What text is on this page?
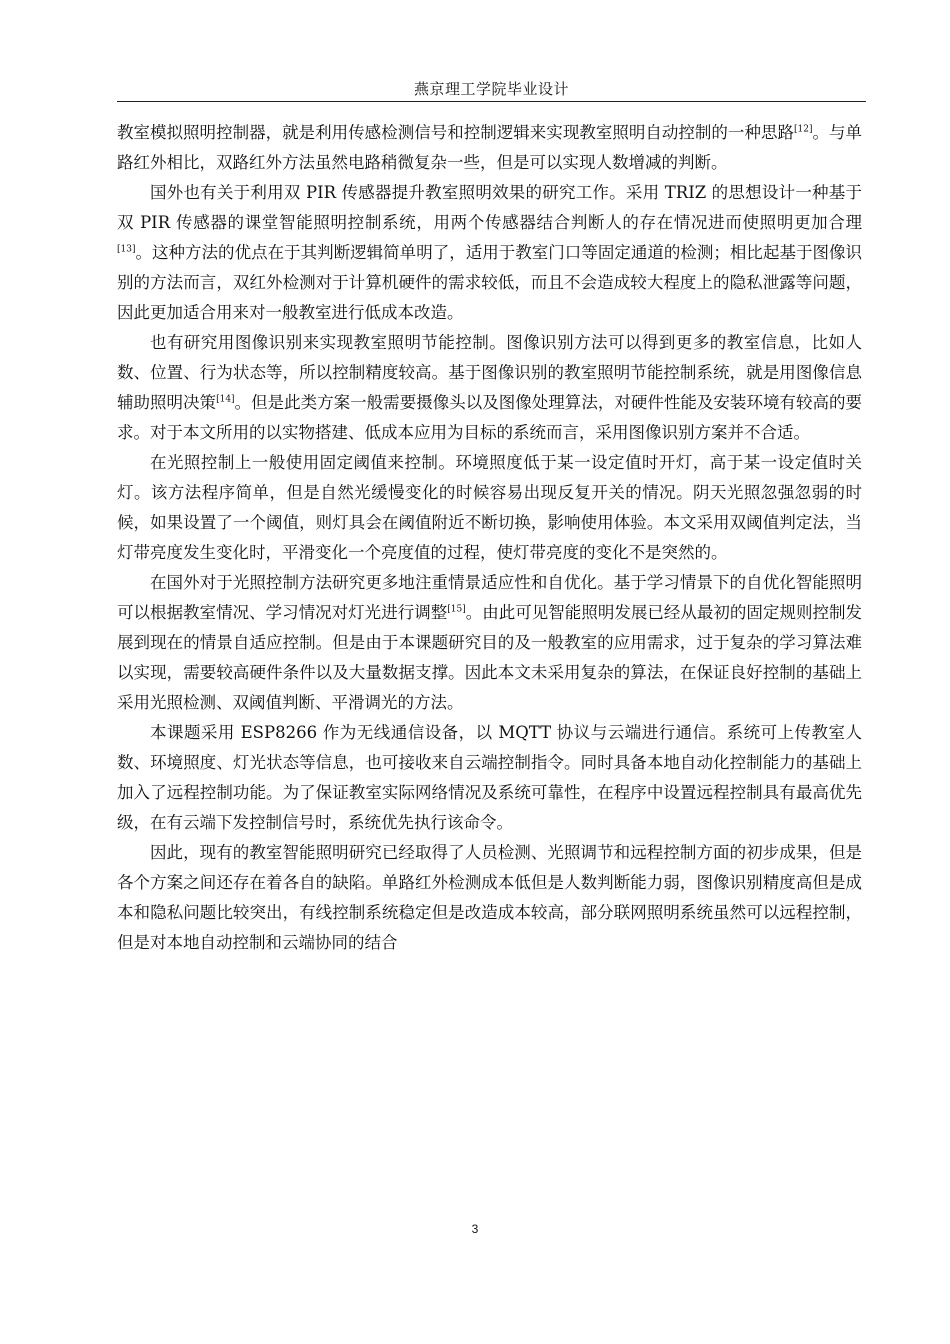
燕京理工学院毕业设计

教室模拟照明控制器，就是利用传感检测信号和控制逻辑来实现教室照明自动控制的一种思路[12]。与单路红外相比，双路红外方法虽然电路稍微复杂一些，但是可以实现人数增减的判断。

国外也有关于利用双 PIR 传感器提升教室照明效果的研究工作。采用 TRIZ 的思想设计一种基于双 PIR 传感器的课堂智能照明控制系统，用两个传感器结合判断人的存在情况进而使照明更加合理[13]。这种方法的优点在于其判断逻辑简单明了，适用于教室门口等固定通道的检测；相比起基于图像识别的方法而言，双红外检测对于计算机硬件的需求较低，而且不会造成较大程度上的隐私泄露等问题，因此更加适合用来对一般教室进行低成本改造。

也有研究用图像识别来实现教室照明节能控制。图像识别方法可以得到更多的教室信息，比如人数、位置、行为状态等，所以控制精度较高。基于图像识别的教室照明节能控制系统，就是用图像信息辅助照明决策[14]。但是此类方案一般需要摄像头以及图像处理算法，对硬件性能及安装环境有较高的要求。对于本文所用的以实物搭建、低成本应用为目标的系统而言，采用图像识别方案并不合适。

在光照控制上一般使用固定阈值来控制。环境照度低于某一设定值时开灯，高于某一设定值时关灯。该方法程序简单，但是自然光缓慢变化的时候容易出现反复开关的情况。阴天光照忽强忽弱的时候，如果设置了一个阈值，则灯具会在阈值附近不断切换，影响使用体验。本文采用双阈值判定法，当灯带亮度发生变化时，平滑变化一个亮度值的过程，使灯带亮度的变化不是突然的。

在国外对于光照控制方法研究更多地注重情景适应性和自优化。基于学习情景下的自优化智能照明可以根据教室情况、学习情况对灯光进行调整[15]。由此可见智能照明发展已经从最初的固定规则控制发展到现在的情景自适应控制。但是由于本课题研究目的及一般教室的应用需求，过于复杂的学习算法难以实现，需要较高硬件条件以及大量数据支撑。因此本文未采用复杂的算法，在保证良好控制的基础上采用光照检测、双阈值判断、平滑调光的方法。

本课题采用 ESP8266 作为无线通信设备，以 MQTT 协议与云端进行通信。系统可上传教室人数、环境照度、灯光状态等信息，也可接收来自云端控制指令。同时具备本地自动化控制能力的基础上加入了远程控制功能。为了保证教室实际网络情况及系统可靠性，在程序中设置远程控制具有最高优先级，在有云端下发控制信号时，系统优先执行该命令。

因此，现有的教室智能照明研究已经取得了人员检测、光照调节和远程控制方面的初步成果，但是各个方案之间还存在着各自的缺陷。单路红外检测成本低但是人数判断能力弱，图像识别精度高但是成本和隐私问题比较突出，有线控制系统稳定但是改造成本较高，部分联网照明系统虽然可以远程控制，但是对本地自动控制和云端协同的结合

3
